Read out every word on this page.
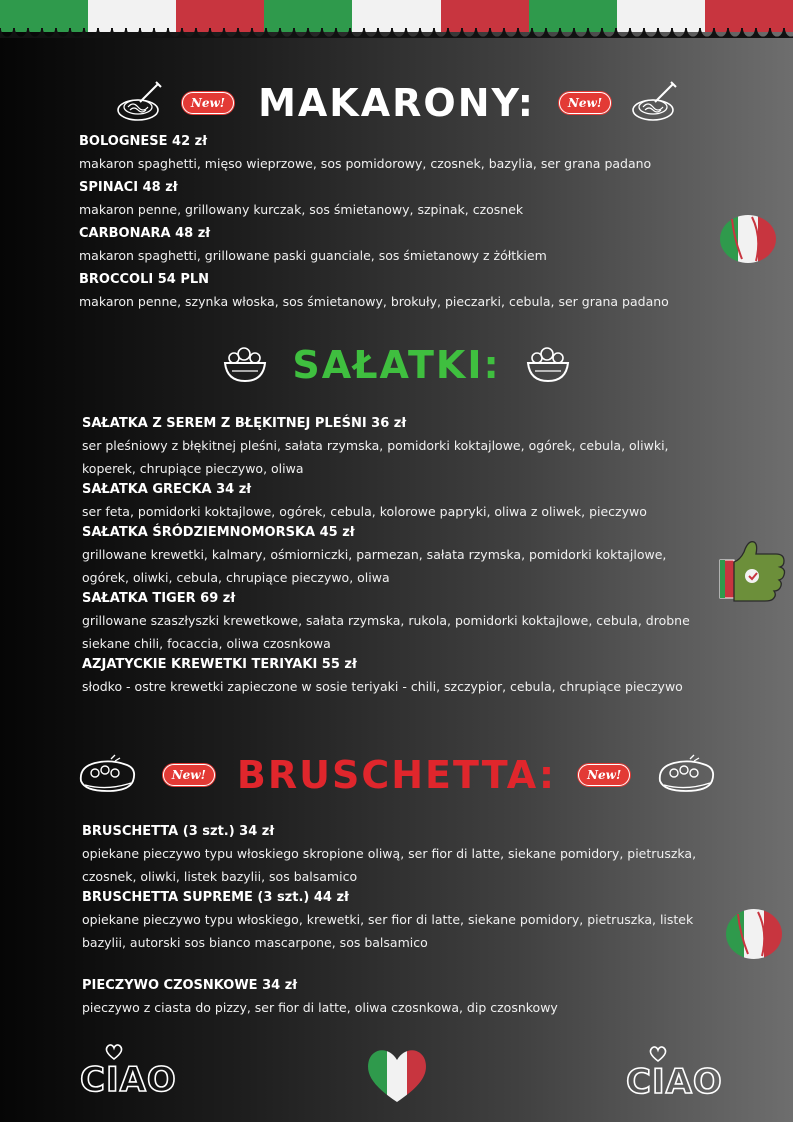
New! MAKARONY:	New!

BOLOGNESE 42 zł

makaron spaghetti, mięso wieprzowe, sos pomidorowy, czosnek, bazylia, ser grana padano

SPINACI 48 zł

makaron penne, grillowany kurczak, sos śmietanowy, szpinak, czosnek

CARBONARA 48 zł

makaron spaghetti, grillowane paski guanciale, sos śmietanowy z żółtkiem

BROCCOLI 54 PLN

makaron penne, szynka włoska, sos śmietanowy, brokuły, pieczarki, cebula, ser grana padano

SAŁATKI:

SAŁATKA Z SEREM Z BŁĘKITNEJ PLEŚNI 36 zł

ser pleśniowy z błękitnej pleśni, sałata rzymska, pomidorki koktajlowe, ogórek, cebula, oliwki, koperek, chrupiące pieczywo, oliwa

SAŁATKA GRECKA 34 zł

ser feta, pomidorki koktajlowe, ogórek, cebula, kolorowe papryki, oliwa z oliwek, pieczywo

SAŁATKA ŚRÓDZIEMNOMORSKA 45 zł

grillowane krewetki, kalmary, ośmiorniczki, parmezan, sałata rzymska, pomidorki koktajlowe, ogórek, oliwki, cebula, chrupiące pieczywo, oliwa

SAŁATKA TIGER 69 zł

grillowane szaszłyszki krewetkowe, sałata rzymska, rukola, pomidorki koktajlowe, cebula, drobne siekane chili, focaccia, oliwa czosnkowa

AZJATYCKIE KREWETKI TERIYAKI 55 zł

słodko - ostre krewetki zapieczone w sosie teriyaki - chili, szczypior, cebula, chrupiące pieczywo

New! BRUSCHETTA:	New!

BRUSCHETTA (3 szt.) 34 zł

opiekane pieczywo typu włoskiego skropione oliwą, ser fior di latte, siekane pomidory, pietruszka, czosnek, oliwki, listek bazylii, sos balsamico

BRUSCHETTA SUPREME (3 szt.) 44 zł

opiekane pieczywo typu włoskiego, krewetki, ser fior di latte, siekane pomidory, pietruszka, listek bazylii, autorski sos bianco mascarpone, sos balsamico

PIECZYWO CZOSNKOWE 34 zł

pieczywo z ciasta do pizzy, ser fior di latte, oliwa czosnkowa, dip czosnkowy

CIAO	CIAO
